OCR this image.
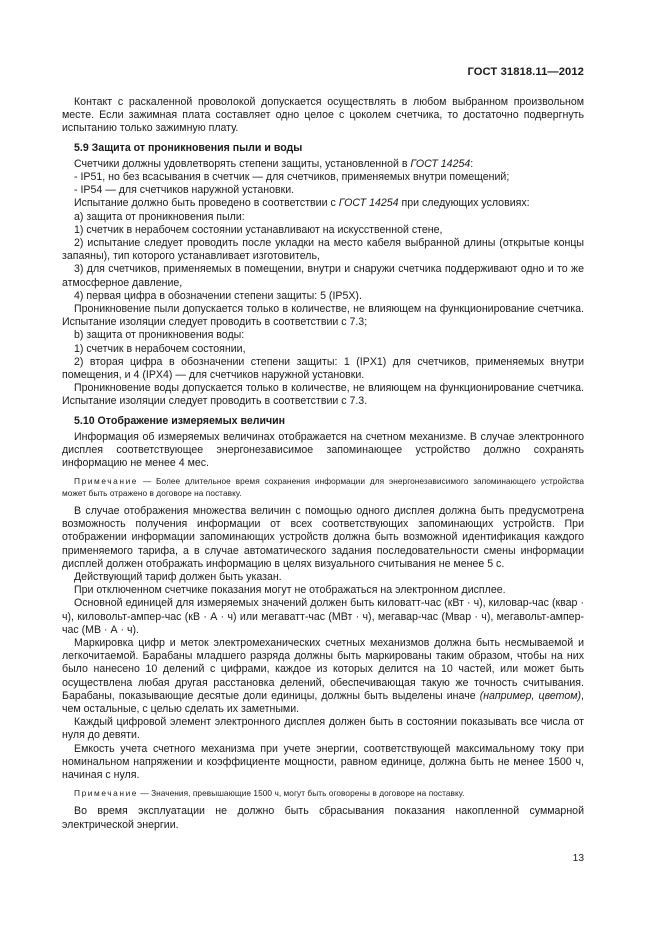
ГОСТ 31818.11—2012

Контакт с раскаленной проволокой допускается осуществлять в любом выбранном произвольном месте. Если зажимная плата составляет одно целое с цоколем счетчика, то достаточно подвергнуть испытанию только зажимную плату.

5.9 Защита от проникновения пыли и воды

Счетчики должны удовлетворять степени защиты, установленной в ГОСТ 14254:

- IP51, но без всасывания в счетчик — для счетчиков, применяемых внутри помещений;

- IP54 — для счетчиков наружной установки.

Испытание должно быть проведено в соответствии с ГОСТ 14254 при следующих условиях:

а) защита от проникновения пыли:

1) счетчик в нерабочем состоянии устанавливают на искусственной стене,

2) испытание следует проводить после укладки на место кабеля выбранной длины (открытые концы запаяны), тип которого устанавливает изготовитель,

3) для счетчиков, применяемых в помещении, внутри и снаружи счетчика поддерживают одно и то же атмосферное давление,

4) первая цифра в обозначении степени защиты: 5 (IP5X).

Проникновение пыли допускается только в количестве, не влияющем на функционирование счетчика. Испытание изоляции следует проводить в соответствии с 7.3;

b) защита от проникновения воды:

1) счетчик в нерабочем состоянии,

2) вторая цифра в обозначении степени защиты: 1 (IPX1) для счетчиков, применяемых внутри помещения, и 4 (IPX4) — для счетчиков наружной установки.

Проникновение воды допускается только в количестве, не влияющем на функционирование счетчика. Испытание изоляции следует проводить в соответствии с 7.3.

5.10 Отображение измеряемых величин

Информация об измеряемых величинах отображается на счетном механизме. В случае электронного дисплея соответствующее энергонезависимое запоминающее устройство должно сохранять информацию не менее 4 мес.

Примечание — Более длительное время сохранения информации для энергонезависимого запоминающего устройства может быть отражено в договоре на поставку.

В случае отображения множества величин с помощью одного дисплея должна быть предусмотрена возможность получения информации от всех соответствующих запоминающих устройств. При отображении информации запоминающих устройств должна быть возможной идентификация каждого применяемого тарифа, а в случае автоматического задания последовательности смены информации дисплей должен отображать информацию в целях визуального считывания не менее 5 с.

Действующий тариф должен быть указан.

При отключенном счетчике показания могут не отображаться на электронном дисплее.

Основной единицей для измеряемых значений должен быть киловатт-час (кВт · ч), киловар-час (квар · ч), киловольт-ампер-час (кВ · А · ч) или мегаватт-час (МВт · ч), мегавар-час (Мвар · ч), мегавольт-ампер-час (МВ · А · ч).

Маркировка цифр и меток электромеханических счетных механизмов должна быть несмываемой и легкочитаемой. Барабаны младшего разряда должны быть маркированы таким образом, чтобы на них было нанесено 10 делений с цифрами, каждое из которых делится на 10 частей, или может быть осуществлена любая другая расстановка делений, обеспечивающая такую же точность считывания. Барабаны, показывающие десятые доли единицы, должны быть выделены иначе (например, цветом), чем остальные, с целью сделать их заметными.

Каждый цифровой элемент электронного дисплея должен быть в состоянии показывать все числа от нуля до девяти.

Емкость учета счетного механизма при учете энергии, соответствующей максимальному току при номинальном напряжении и коэффициенте мощности, равном единице, должна быть не менее 1500 ч, начиная с нуля.

Примечание — Значения, превышающие 1500 ч, могут быть оговорены в договоре на поставку.

Во время эксплуатации не должно быть сбрасывания показания накопленной суммарной электрической энергии.

13
